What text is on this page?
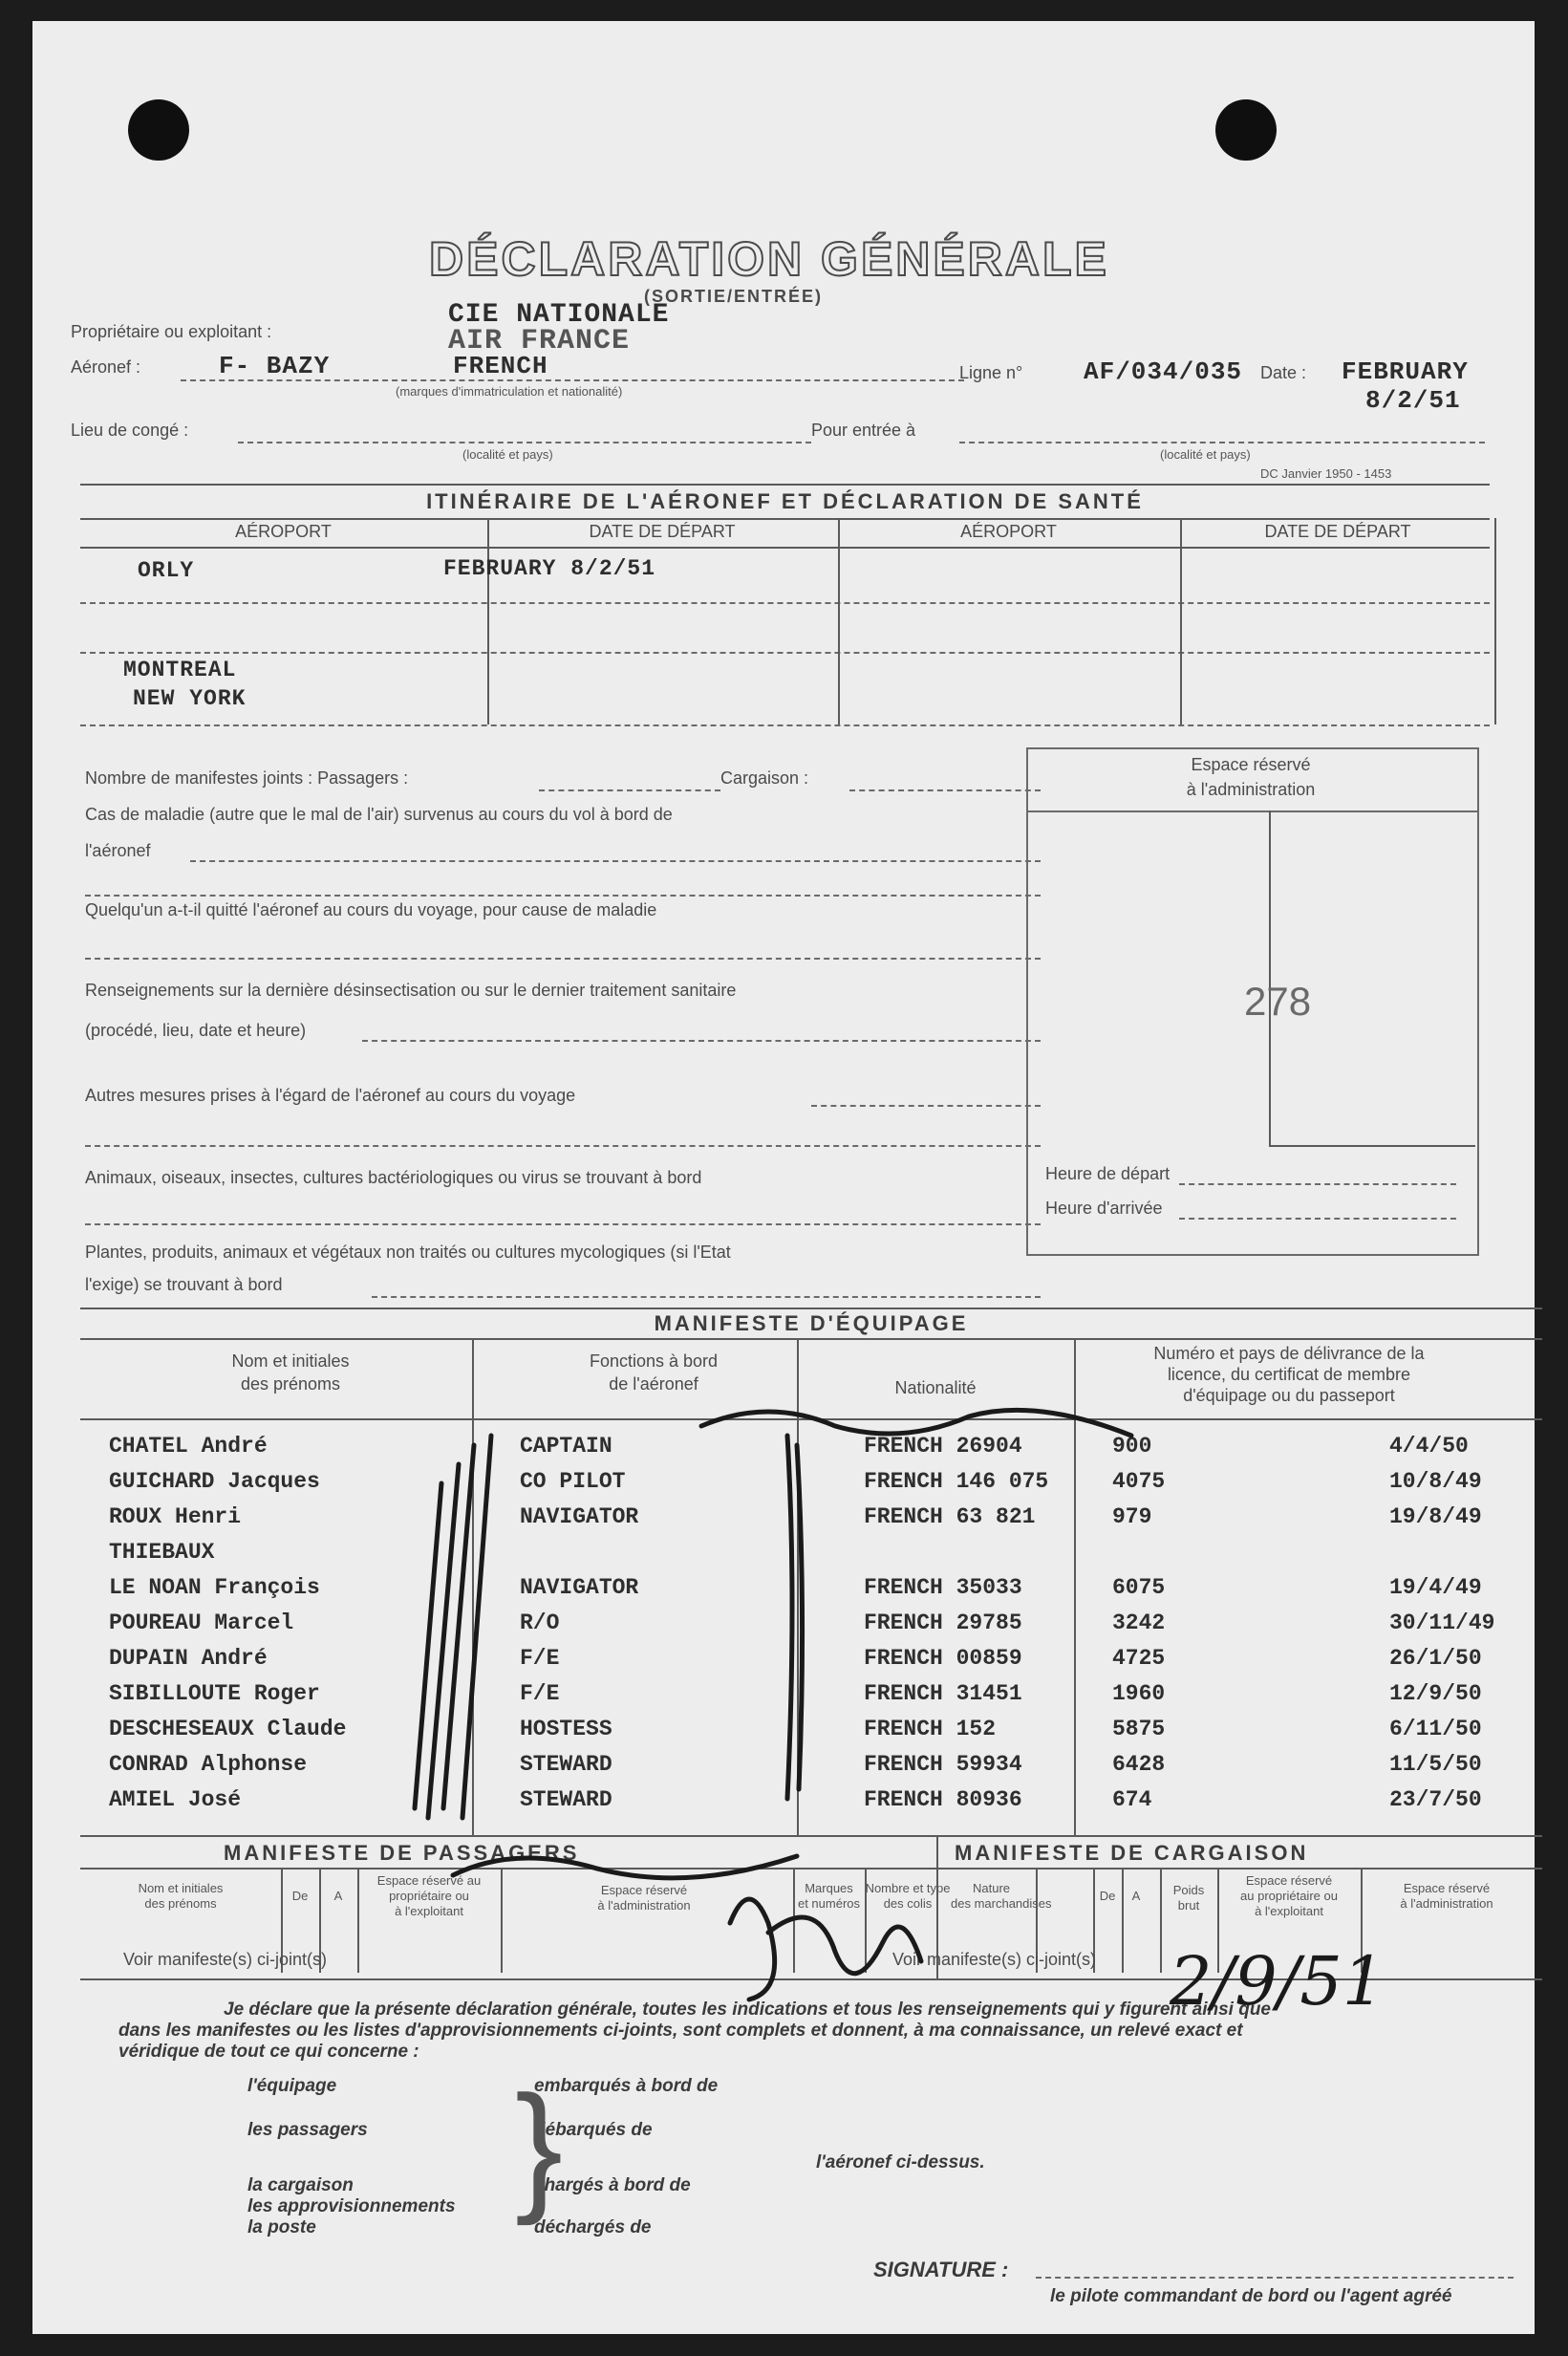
DÉCLARATION GÉNÉRALE
(SORTIE/ENTRÉE)
Propriétaire ou exploitant :
CIE NATIONALE
AIR FRANCE
Aéronef :	F- BAZY	FRENCH
(marques d'immatriculation et nationalité)
Ligne n° AF/034/035 Date : FEBRUARY
8/2/51
Lieu de congé :
(localité et pays)
Pour entrée à
(localité et pays)
DC Janvier 1950 - 1453
ITINÉRAIRE DE L'AÉRONEF ET DÉCLARATION DE SANTÉ
AÉROPORT	DATE DE DÉPART	AÉROPORT	DATE DE DÉPART
ORLY	FEBRUARY 8/2/51
MONTREAL
NEW YORK
Nombre de manifestes joints : Passagers :	Cargaison :
Cas de maladie (autre que le mal de l'air) survenus au cours du vol à bord de
l'aéronef
Quelqu'un a-t-il quitté l'aéronef au cours du voyage, pour cause de maladie
Renseignements sur la dernière désinsectisation ou sur le dernier traitement sanitaire
(procédé, lieu, date et heure)
Autres mesures prises à l'égard de l'aéronef au cours du voyage
Animaux, oiseaux, insectes, cultures bactériologiques ou virus se trouvant à bord
Plantes, produits, animaux et végétaux non traités ou cultures mycologiques (si l'Etat
l'exige) se trouvant à bord
Espace réservé
à l'administration
278
Heure de départ
Heure d'arrivée
MANIFESTE D'ÉQUIPAGE
Nom et initiales
des prénoms
Fonctions à bord
de l'aéronef	Nationalité
Numéro et pays de délivrance de la
licence, du certificat de membre
d'équipage ou du passeport
CHATEL André	CAPTAIN	FRENCH 26904	900	4/4/50
GUICHARD Jacques	CO PILOT	FRENCH 146 075	4075	10/8/49
ROUX Henri	NAVIGATOR	FRENCH 63 821	979	19/8/49
THIEBAUX
LE NOAN François	NAVIGATOR	FRENCH 35033	6075	19/4/49
POUREAU Marcel	R/O	FRENCH 29785	3242	30/11/49
DUPAIN André	F/E	FRENCH 00859	4725	26/1/50
SIBILLOUTE Roger	F/E	FRENCH 31451	1960	12/9/50
DESCHESEAUX Claude	HOSTESS	FRENCH 152	5875	6/11/50
CONRAD Alphonse	STEWARD	FRENCH 59934	6428	11/5/50
AMIEL José	STEWARD	FRENCH 80936	674	23/7/50
MANIFESTE DE PASSAGERS	MANIFESTE DE CARGAISON
Nom et initiales
des prénoms
De	A
Espace réservé au
propriétaire ou
à l'exploitant
Espace réservé
à l'administration
Marques
et numéros
Nombre et type
des colis
Nature
des marchandises
De	A	Poids
brut
Espace réservé
au propriétaire ou
à l'exploitant
Espace réservé
à l'administration
Voir manifeste(s) ci-joint(s)	Voir manifeste(s) ci-joint(s)
Je déclare que la présente déclaration générale, toutes les indications et tous les renseignements qui y figurent ainsi que
dans les manifestes ou les listes d'approvisionnements ci-joints, sont complets et donnent, à ma connaissance, un relevé exact et
véridique de tout ce qui concerne :
l'équipage
les passagers
la cargaison
les approvisionnements
la poste
embarqués à bord de
débarqués de
chargés à bord de
déchargés de
l'aéronef ci-dessus.
}
SIGNATURE :
le pilote commandant de bord ou l'agent agréé
2/9/51
